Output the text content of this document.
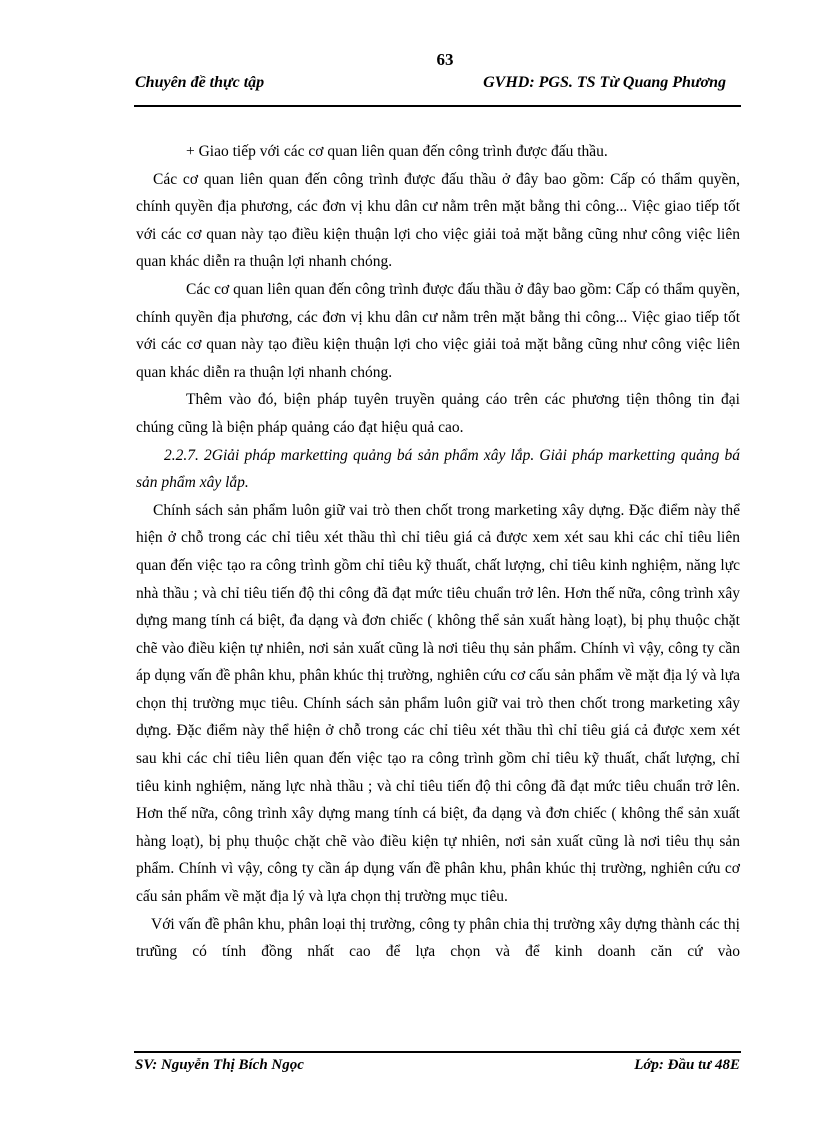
63
Chuyên đề thực tập	GVHD: PGS. TS Từ Quang Phương

+ Giao tiếp với các cơ quan liên quan đến công trình được đấu thầu.

Các cơ quan liên quan đến công trình được đấu thầu ở đây bao gồm: Cấp có thẩm quyền, chính quyền địa phương, các đơn vị khu dân cư nằm trên mặt bằng thi công... Việc giao tiếp tốt với các cơ quan này tạo điều kiện thuận lợi cho việc giải toả mặt bằng cũng như công việc liên quan khác diễn ra thuận lợi nhanh chóng.

Các cơ quan liên quan đến công trình được đấu thầu ở đây bao gồm: Cấp có thẩm quyền, chính quyền địa phương, các đơn vị khu dân cư nằm trên mặt bằng thi công... Việc giao tiếp tốt với các cơ quan này tạo điều kiện thuận lợi cho việc giải toả mặt bằng cũng như công việc liên quan khác diễn ra thuận lợi nhanh chóng.

Thêm vào đó, biện pháp tuyên truyền quảng cáo trên các phương tiện thông tin đại chúng cũng là biện pháp quảng cáo đạt hiệu quả cao.

2.2.7. 2Giải pháp marketting quảng bá sản phẩm xây lắp. Giải pháp marketting quảng bá sản phẩm xây lắp.

Chính sách sản phẩm luôn giữ vai trò then chốt trong marketing xây dựng. Đặc điểm này thể hiện ở chỗ trong các chỉ tiêu xét thầu thì chỉ tiêu giá cả được xem xét sau khi các chỉ tiêu liên quan đến việc tạo ra công trình gồm chỉ tiêu kỹ thuất, chất lượng, chỉ tiêu kinh nghiệm, năng lực nhà thầu ; và chỉ tiêu tiến độ thi công đã đạt mức tiêu chuẩn trở lên. Hơn thế nữa, công trình xây dựng mang tính cá biệt, đa dạng và đơn chiếc ( không thể sản xuất hàng loạt), bị phụ thuộc chặt chẽ vào điều kiện tự nhiên, nơi sản xuất cũng là nơi tiêu thụ sản phẩm. Chính vì vậy, công ty cần áp dụng vấn đề phân khu, phân khúc thị trường, nghiên cứu cơ cấu sản phẩm về mặt địa lý và lựa chọn thị trường mục tiêu. Chính sách sản phẩm luôn giữ vai trò then chốt trong marketing xây dựng. Đặc điểm này thể hiện ở chỗ trong các chỉ tiêu xét thầu thì chỉ tiêu giá cả được xem xét sau khi các chỉ tiêu liên quan đến việc tạo ra công trình gồm chỉ tiêu kỹ thuất, chất lượng, chỉ tiêu kinh nghiệm, năng lực nhà thầu ; và chỉ tiêu tiến độ thi công đã đạt mức tiêu chuẩn trở lên. Hơn thế nữa, công trình xây dựng mang tính cá biệt, đa dạng và đơn chiếc ( không thể sản xuất hàng loạt), bị phụ thuộc chặt chẽ vào điều kiện tự nhiên, nơi sản xuất cũng là nơi tiêu thụ sản phẩm. Chính vì vậy, công ty cần áp dụng vấn đề phân khu, phân khúc thị trường, nghiên cứu cơ cấu sản phẩm về mặt địa lý và lựa chọn thị trường mục tiêu.

Với vấn đề phân khu, phân loại thị trường, công ty phân chia thị trường xây dựng thành các thị trưũng có tính đồng nhất cao để lựa chọn và để kinh doanh căn cứ vào

SV: Nguyễn Thị Bích Ngọc	Lớp: Đầu tư 48E
